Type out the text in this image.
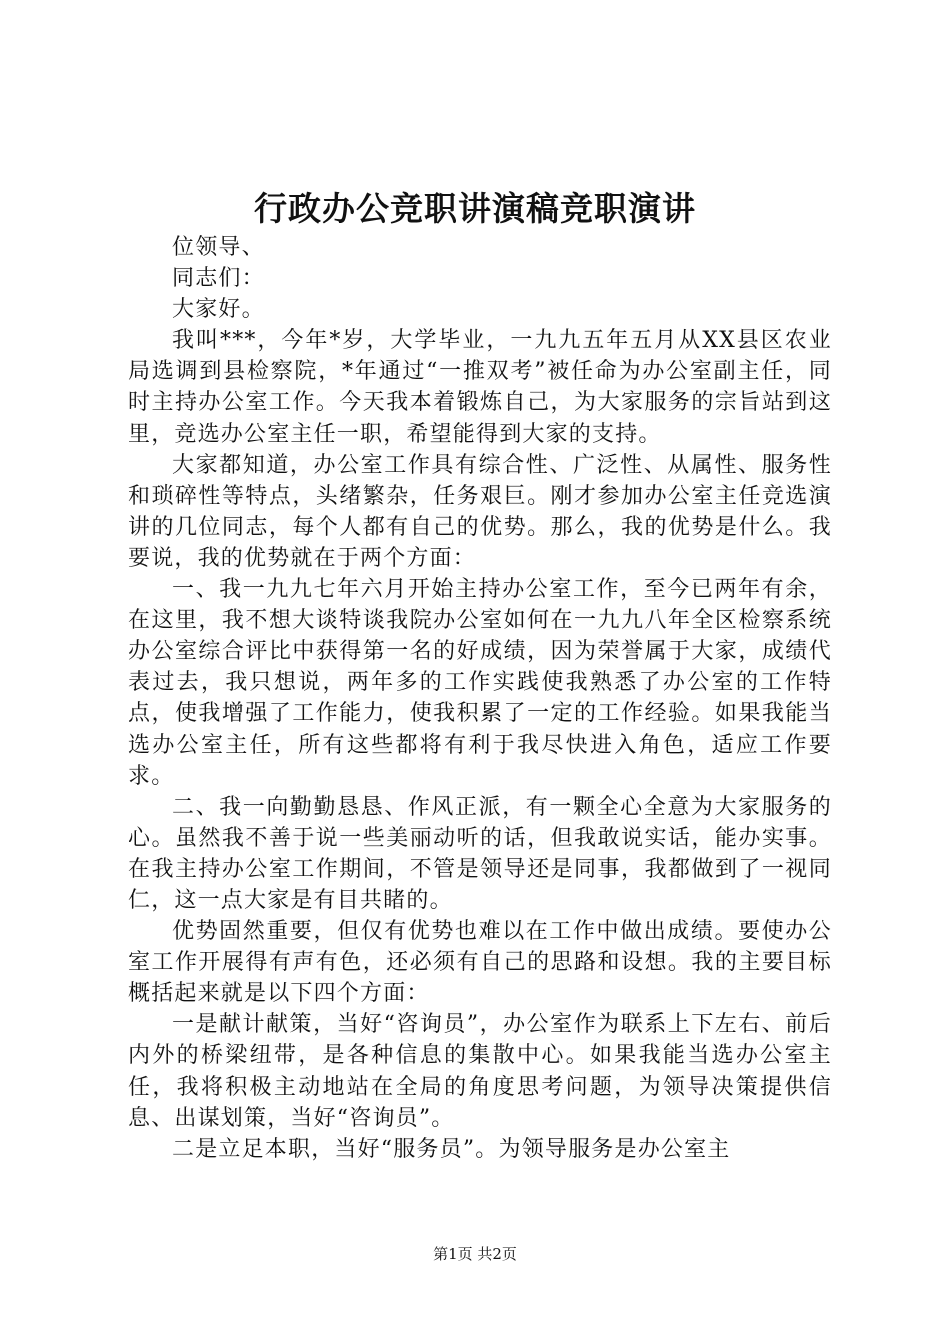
行政办公竞职讲演稿竞职演讲

位领导、

同志们：

大家好。

我叫***，今年*岁，大学毕业，一九九五年五月从XX县区农业局选调到县检察院，*年通过“一推双考”被任命为办公室副主任，同时主持办公室工作。今天我本着锻炼自己，为大家服务的宗旨站到这里，竞选办公室主任一职，希望能得到大家的支持。

大家都知道，办公室工作具有综合性、广泛性、从属性、服务性和琐碎性等特点，头绪繁杂，任务艰巨。刚才参加办公室主任竞选演讲的几位同志，每个人都有自己的优势。那么，我的优势是什么。我要说，我的优势就在于两个方面：

一、我一九九七年六月开始主持办公室工作，至今已两年有余，在这里，我不想大谈特谈我院办公室如何在一九九八年全区检察系统办公室综合评比中获得第一名的好成绩，因为荣誉属于大家，成绩代表过去，我只想说，两年多的工作实践使我熟悉了办公室的工作特点，使我增强了工作能力，使我积累了一定的工作经验。如果我能当选办公室主任，所有这些都将有利于我尽快进入角色，适应工作要求。

二、我一向勤勤恳恳、作风正派，有一颗全心全意为大家服务的心。虽然我不善于说一些美丽动听的话，但我敢说实话，能办实事。在我主持办公室工作期间，不管是领导还是同事，我都做到了一视同仁，这一点大家是有目共睹的。

优势固然重要，但仅有优势也难以在工作中做出成绩。要使办公室工作开展得有声有色，还必须有自己的思路和设想。我的主要目标概括起来就是以下四个方面：

一是献计献策，当好“咨询员”，办公室作为联系上下左右、前后内外的桥梁纽带，是各种信息的集散中心。如果我能当选办公室主任，我将积极主动地站在全局的角度思考问题，为领导决策提供信息、出谋划策，当好“咨询员”。

二是立足本职，当好“服务员”。为领导服务是办公室主

第1页 共2页
